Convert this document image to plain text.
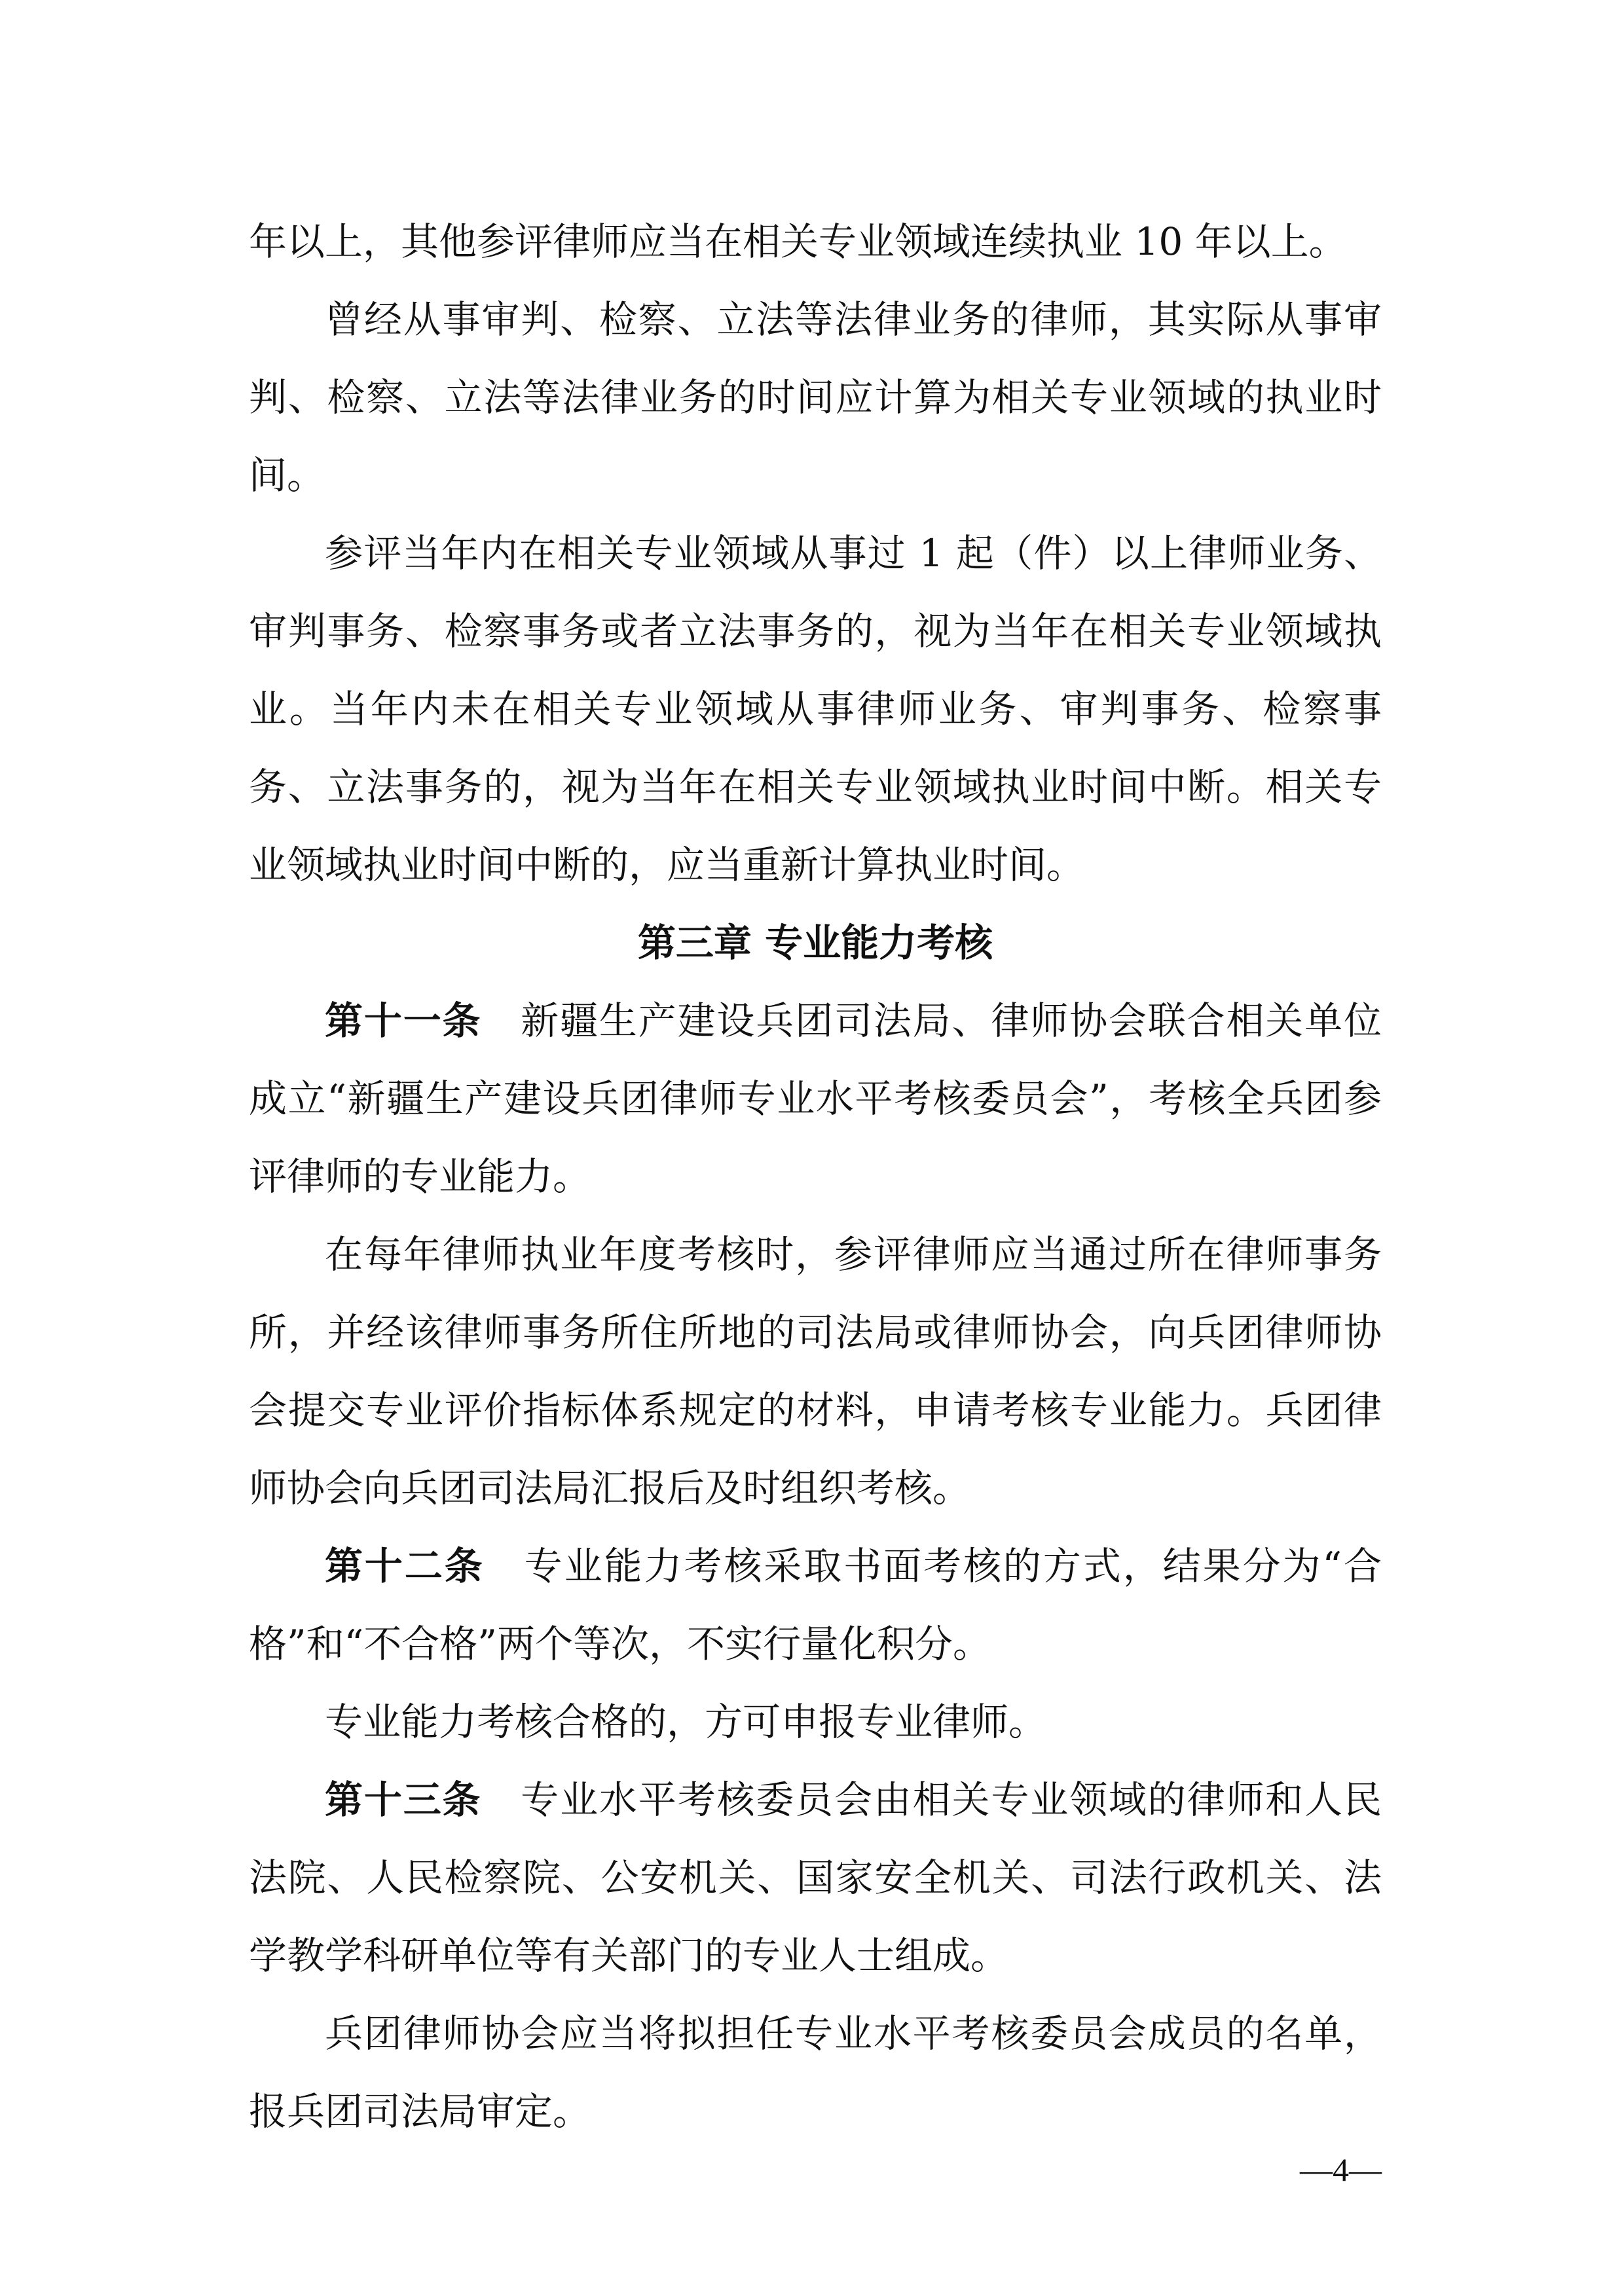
年以上，其他参评律师应当在相关专业领域连续执业 10 年以上。

曾经从事审判、检察、立法等法律业务的律师，其实际从事审判、检察、立法等法律业务的时间应计算为相关专业领域的执业时间。

参评当年内在相关专业领域从事过 1 起（件）以上律师业务、审判事务、检察事务或者立法事务的，视为当年在相关专业领域执业。当年内未在相关专业领域从事律师业务、审判事务、检察事务、立法事务的，视为当年在相关专业领域执业时间中断。相关专业领域执业时间中断的，应当重新计算执业时间。

第三章 专业能力考核

第十一条 新疆生产建设兵团司法局、律师协会联合相关单位成立“新疆生产建设兵团律师专业水平考核委员会”，考核全兵团参评律师的专业能力。

在每年律师执业年度考核时，参评律师应当通过所在律师事务所，并经该律师事务所住所地的司法局或律师协会，向兵团律师协会提交专业评价指标体系规定的材料，申请考核专业能力。兵团律师协会向兵团司法局汇报后及时组织考核。

第十二条 专业能力考核采取书面考核的方式，结果分为“合格”和“不合格”两个等次，不实行量化积分。

专业能力考核合格的，方可申报专业律师。

第十三条 专业水平考核委员会由相关专业领域的律师和人民法院、人民检察院、公安机关、国家安全机关、司法行政机关、法学教学科研单位等有关部门的专业人士组成。

兵团律师协会应当将拟担任专业水平考核委员会成员的名单，报兵团司法局审定。

—4—
